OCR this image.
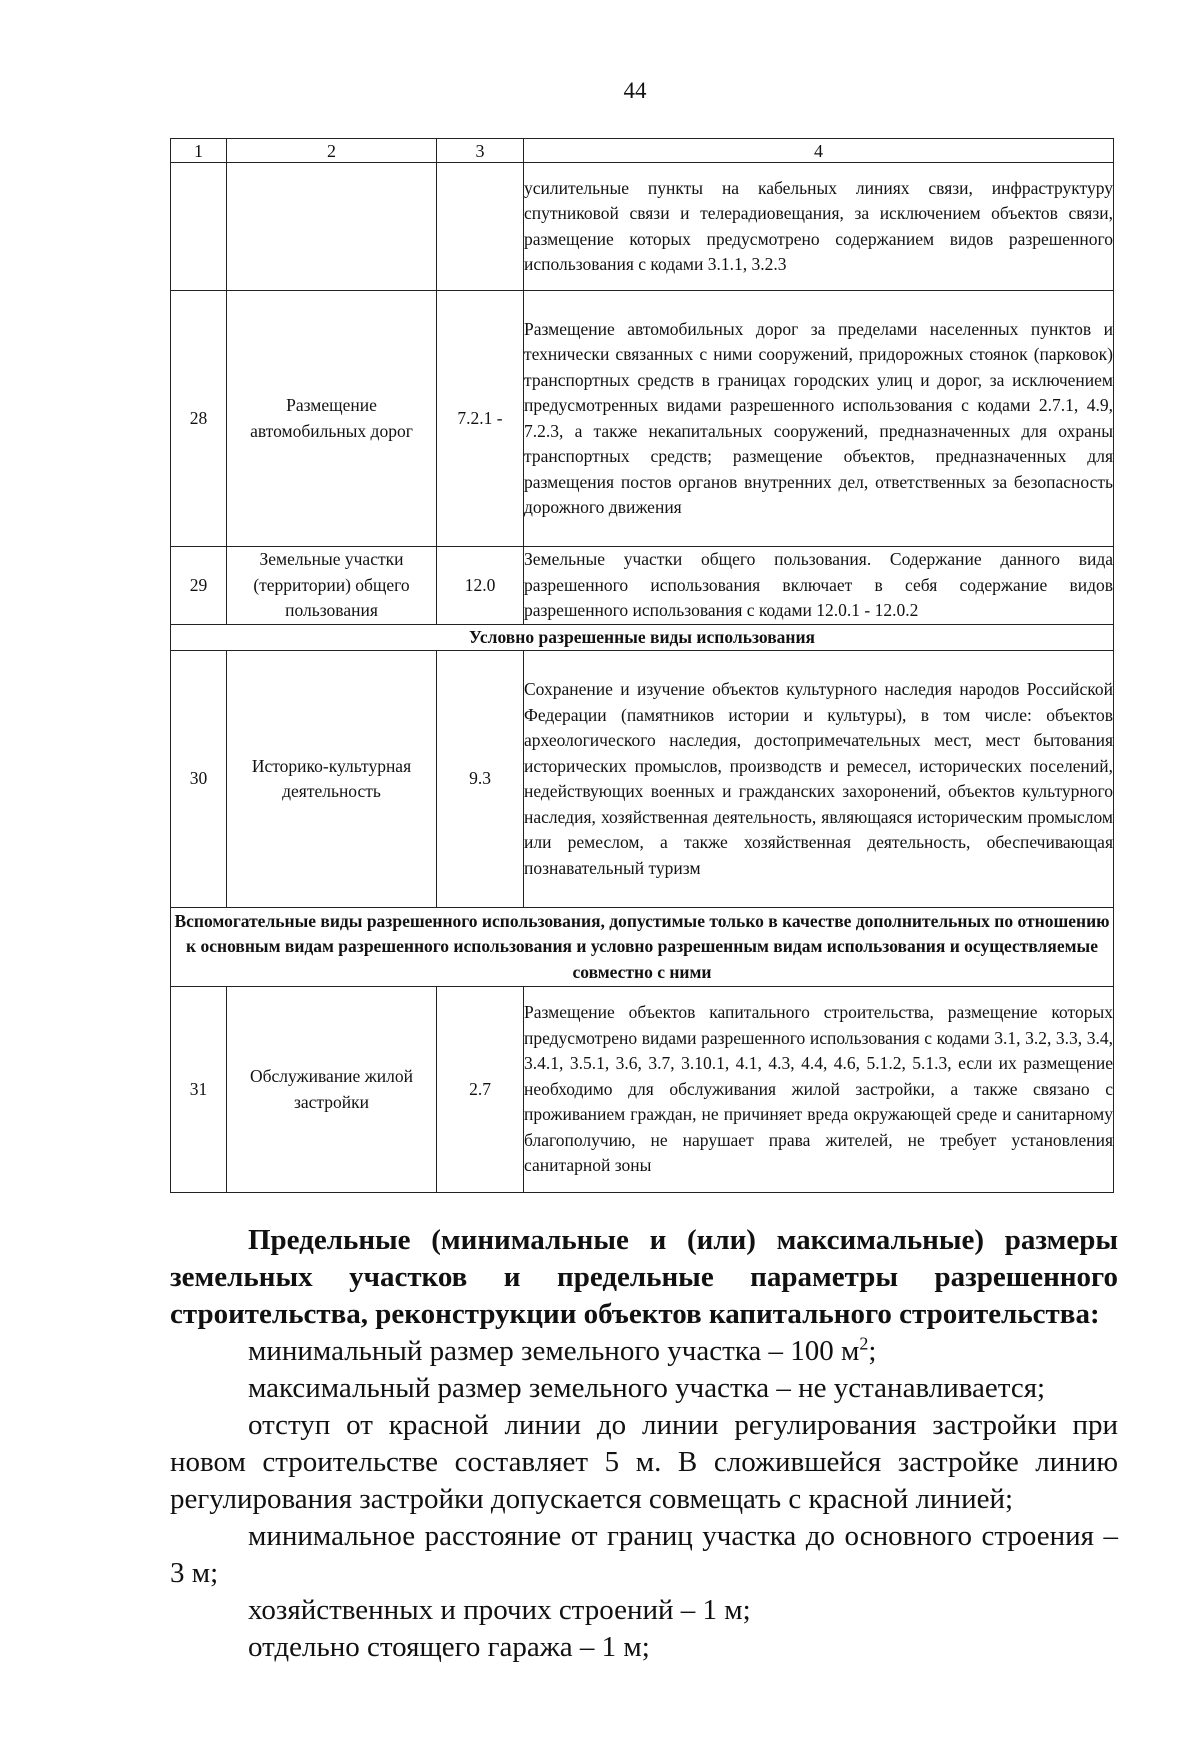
44
1	2	3	4

			усилительные пункты на кабельных линиях связи, инфраструктуру спутниковой связи и телерадиовещания, за исключением объектов связи, размещение которых предусмотрено содержанием видов разрешенного использования с кодами 3.1.1, 3.2.3

28	Размещение автомобильных дорог	7.2.1 -	Размещение автомобильных дорог за пределами населенных пунктов и технически связанных с ними сооружений, придорожных стоянок (парковок) транспортных средств в границах городских улиц и дорог, за исключением предусмотренных видами разрешенного использования с кодами 2.7.1, 4.9, 7.2.3, а также некапитальных сооружений, предназначенных для охраны транспортных средств; размещение объектов, предназначенных для размещения постов органов внутренних дел, ответственных за безопасность дорожного движения

29	Земельные участки (территории) общего пользования	12.0	Земельные участки общего пользования. Содержание данного вида разрешенного использования включает в себя содержание видов разрешенного использования с кодами 12.0.1 - 12.0.2

Условно разрешенные виды использования			
30	Историко-культурная деятельность	9.3	Сохранение и изучение объектов культурного наследия народов Российской Федерации (памятников истории и культуры), в том числе: объектов археологического наследия, достопримечательных мест, мест бытования исторических промыслов, производств и ремесел, исторических поселений, недействующих военных и гражданских захоронений, объектов культурного наследия, хозяйственная деятельность, являющаяся историческим промыслом или ремеслом, а также хозяйственная деятельность, обеспечивающая познавательный туризм

Вспомогательные виды разрешенного использования, допустимые только в качестве дополнительных по отношению к основным видам разрешенного использования и условно разрешенным видам использования и осуществляемые совместно с ними			
31	Обслуживание жилой застройки	2.7	Размещение объектов капитального строительства, размещение которых предусмотрено видами разрешенного использования с кодами 3.1, 3.2, 3.3, 3.4, 3.4.1, 3.5.1, 3.6, 3.7, 3.10.1, 4.1, 4.3, 4.4, 4.6, 5.1.2, 5.1.3, если их размещение необходимо для обслуживания жилой застройки, а также связано с проживанием граждан, не причиняет вреда окружающей среде и санитарному благополучию, не нарушает права жителей, не требует установления санитарной зоны

Предельные (минимальные и (или) максимальные) размеры земельных участков и предельные параметры разрешенного строительства, реконструкции объектов капитального строительства:

минимальный размер земельного участка – 100 $м^2$;

максимальный размер земельного участка – не устанавливается;

отступ от красной линии до линии регулирования застройки при новом строительстве составляет 5 м. В сложившейся застройке линию регулирования застройки допускается совмещать с красной линией;

минимальное расстояние от границ участка до основного строения – 3 м;

хозяйственных и прочих строений – 1 м;

отдельно стоящего гаража – 1 м;
